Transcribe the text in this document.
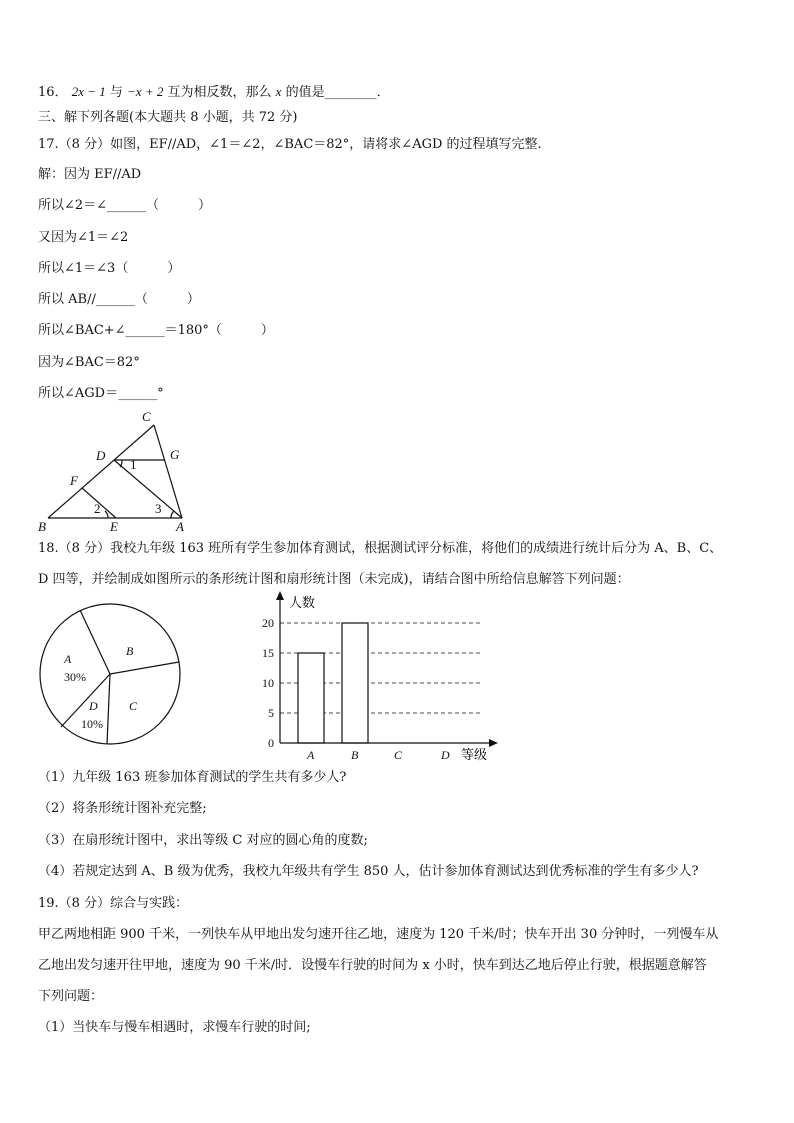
16． 2x − 1 与 −x + 2 互为相反数，那么 x 的值是________．
三、解下列各题(本大题共 8 小题，共 72 分)
17.（8 分）如图，EF//AD，∠1＝∠2，∠BAC＝82°，请将求∠AGD 的过程填写完整.
解：因为 EF//AD
所以∠2＝∠______（　　　）
又因为∠1＝∠2
所以∠1＝∠3（　　　）
所以 AB//______（　　　）
所以∠BAC+∠______＝180°（　　　）
因为∠BAC＝82°
所以∠AGD＝______°
C
D	G
F
B	E	A
1
2	3
18.（8 分）我校九年级 163 班所有学生参加体育测试，根据测试评分标准，将他们的成绩进行统计后分为 A、B、C、
D 四等，并绘制成如图所示的条形统计图和扇形统计图（未完成)，请结合图中所给信息解答下列问题：
A
30%
B
C
D
10%
0
5
10
15
20
A	B	C	D
人数
等级
（1）九年级 163 班参加体育测试的学生共有多少人?
（2）将条形统计图补充完整;
（3）在扇形统计图中，求出等级 C 对应的圆心角的度数;
（4）若规定达到 A、B 级为优秀，我校九年级共有学生 850 人，估计参加体育测试达到优秀标准的学生有多少人?
19.（8 分）综合与实践：
甲乙两地相距 900 千米，一列快车从甲地出发匀速开往乙地，速度为 120 千米/时；快车开出 30 分钟时，一列慢车从
乙地出发匀速开往甲地，速度为 90 千米/时．设慢车行驶的时间为 x 小时，快车到达乙地后停止行驶，根据题意解答
下列问题：
（1）当快车与慢车相遇时，求慢车行驶的时间;
